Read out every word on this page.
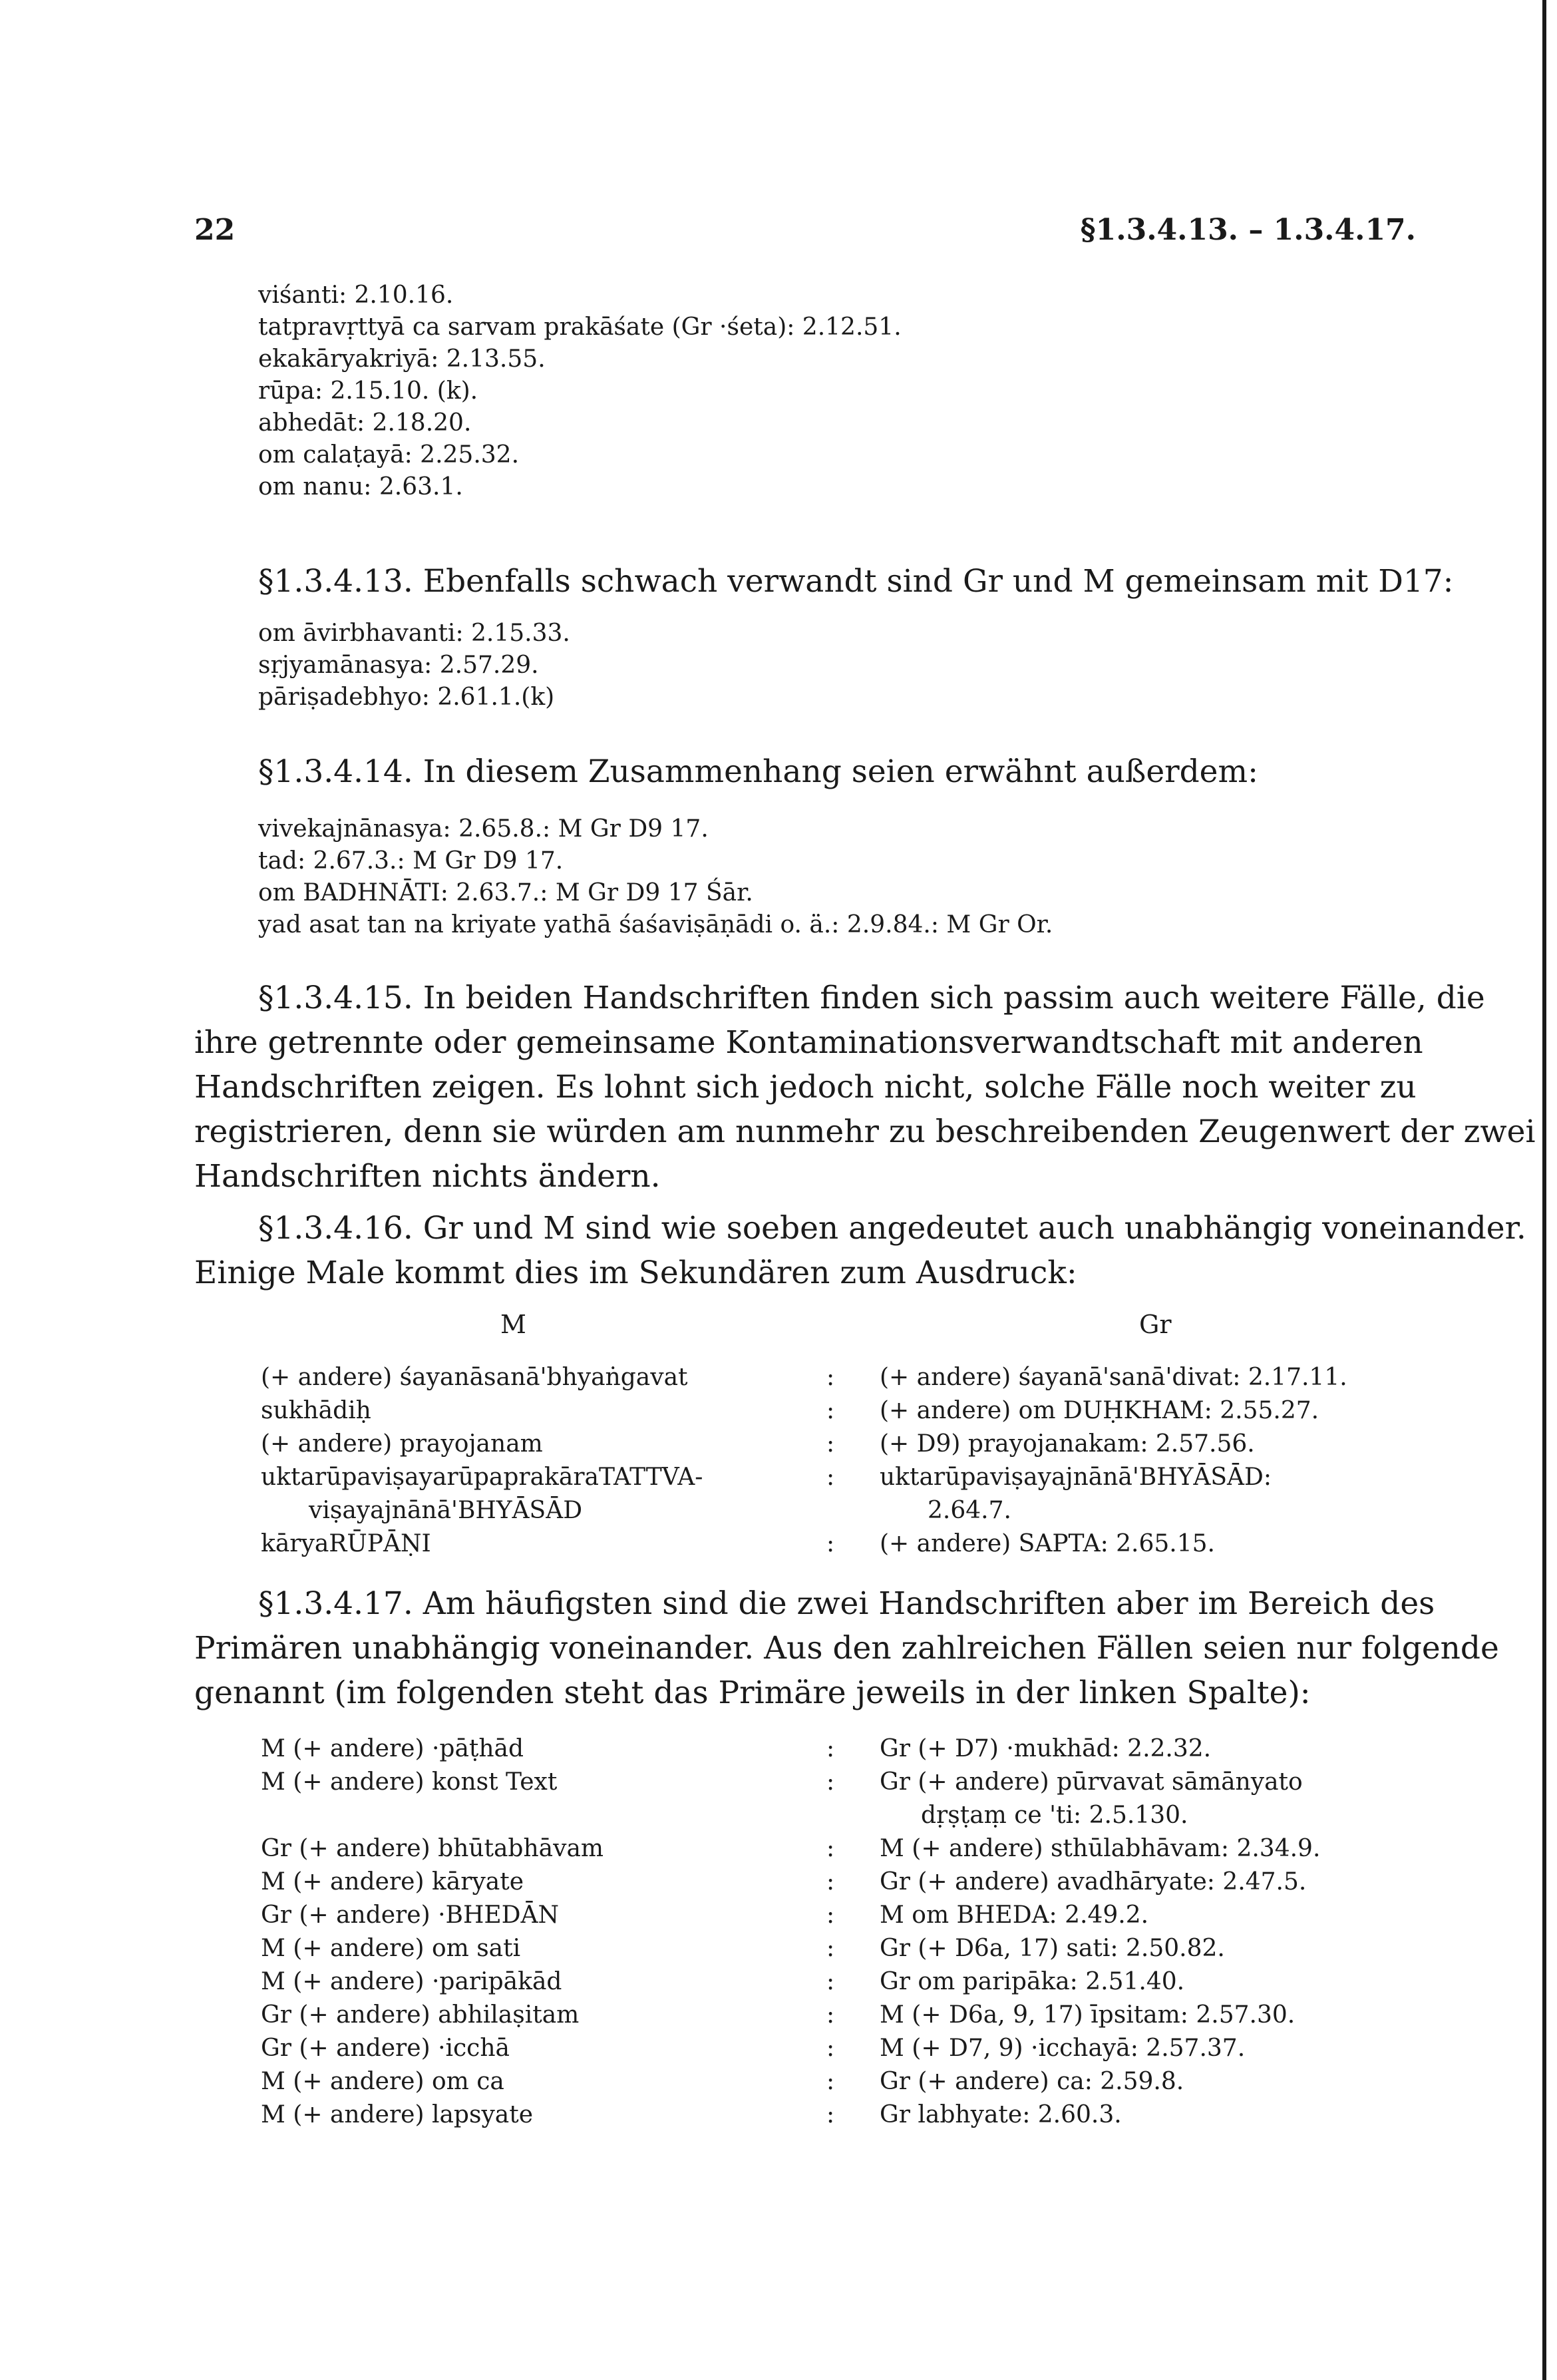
22	§1.3.4.13. – 1.3.4.17.
viśanti: 2.10.16.
tatpravṛttyā ca sarvam prakāśate (Gr ·śeta): 2.12.51.
ekakāryakriyā: 2.13.55.
rūpa: 2.15.10. (k).
abhedāt: 2.18.20.
om calaṭayā: 2.25.32.
om nanu: 2.63.1.
§1.3.4.13. Ebenfalls schwach verwandt sind Gr und M gemeinsam mit D17:
om āvirbhavanti: 2.15.33.
sṛjyamānasya: 2.57.29.
pāriṣadebhyo: 2.61.1.(k)
§1.3.4.14. In diesem Zusammenhang seien erwähnt außerdem:
vivekajnānasya: 2.65.8.: M Gr D9 17.
tad: 2.67.3.: M Gr D9 17.
om BADHNĀTI: 2.63.7.: M Gr D9 17 Śār.
yad asat tan na kriyate yathā śaśaviṣāṇādi o. ä.: 2.9.84.: M Gr Or.
§1.3.4.15. In beiden Handschriften finden sich passim auch weitere Fälle, die
ihre getrennte oder gemeinsame Kontaminationsverwandtschaft mit anderen
Handschriften zeigen. Es lohnt sich jedoch nicht, solche Fälle noch weiter zu
registrieren, denn sie würden am nunmehr zu beschreibenden Zeugenwert der zwei
Handschriften nichts ändern.
§1.3.4.16. Gr und M sind wie soeben angedeutet auch unabhängig voneinander.
Einige Male kommt dies im Sekundären zum Ausdruck:
M	Gr
(+ andere) śayanāsanā'bhyaṅgavat	: (+ andere) śayanā'sanā'divat: 2.17.11.
sukhādiḥ	: (+ andere) om DUḤKHAM: 2.55.27.
(+ andere) prayojanam	: (+ D9) prayojanakam: 2.57.56.
uktarūpaviṣayarūpaprakāraTATTVA-	: uktarūpaviṣayajnānā'BHYĀSĀD:
viṣayajnānā'BHYĀSĀD	2.64.7.
kāryaRŪPĀṆI	: (+ andere) SAPTA: 2.65.15.
§1.3.4.17. Am häufigsten sind die zwei Handschriften aber im Bereich des
Primären unabhängig voneinander. Aus den zahlreichen Fällen seien nur folgende
genannt (im folgenden steht das Primäre jeweils in der linken Spalte):
M (+ andere) ·pāṭhād	: Gr (+ D7) ·mukhād: 2.2.32.
M (+ andere) konst Text	: Gr (+ andere) pūrvavat sāmānyato
dṛṣṭaṃ ce 'ti: 2.5.130.
Gr (+ andere) bhūtabhāvam	: M (+ andere) sthūlabhāvam: 2.34.9.
M (+ andere) kāryate	: Gr (+ andere) avadhāryate: 2.47.5.
Gr (+ andere) ·BHEDĀN	: M om BHEDA: 2.49.2.
M (+ andere) om sati	: Gr (+ D6a, 17) sati: 2.50.82.
M (+ andere) ·paripākād	: Gr om paripāka: 2.51.40.
Gr (+ andere) abhilaṣitam	: M (+ D6a, 9, 17) īpsitam: 2.57.30.
Gr (+ andere) ·icchā	: M (+ D7, 9) ·icchayā: 2.57.37.
M (+ andere) om ca	: Gr (+ andere) ca: 2.59.8.
M (+ andere) lapsyate	: Gr labhyate: 2.60.3.
